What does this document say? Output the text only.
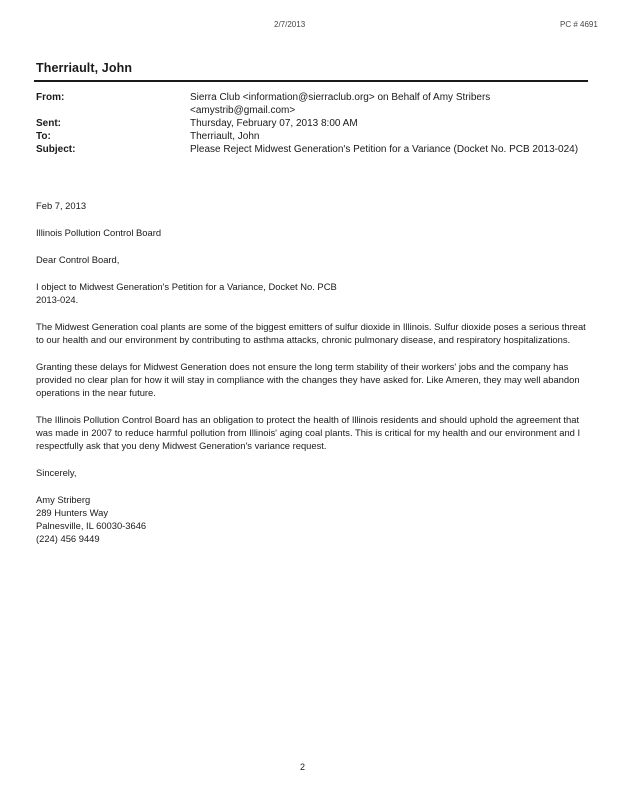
2/7/2013	PC # 4691
Therriault, John
From:	Sierra Club <information@sierraclub.org> on Behalf of Amy Stribers
<amystrib@gmail.com>
Sent:	Thursday, February 07, 2013 8:00 AM
To:	Therriault, John
Subject:	Please Reject Midwest Generation's Petition for a Variance (Docket No. PCB 2013-024)

Feb 7, 2013

Illinois Pollution Control Board

Dear Control Board,

I object to Midwest Generation's Petition for a Variance, Docket No. PCB 2013-024.

The Midwest Generation coal plants are some of the biggest emitters of sulfur dioxide in Illinois. Sulfur dioxide poses a serious threat to our health and our environment by contributing to asthma attacks, chronic pulmonary disease, and respiratory hospitalizations.

Granting these delays for Midwest Generation does not ensure the long term stability of their workers' jobs and the company has provided no clear plan for how it will stay in compliance with the changes they have asked for. Like Ameren, they may well abandon operations in the near future.

The Illinois Pollution Control Board has an obligation to protect the health of Illinois residents and should uphold the agreement that was made in 2007 to reduce harmful pollution from Illinois' aging coal plants. This is critical for my health and our environment and I respectfully ask that you deny Midwest Generation's variance request.

Sincerely,

Amy Striberg

289 Hunters Way

Palnesville, IL 60030-3646

(224) 456 9449

2
